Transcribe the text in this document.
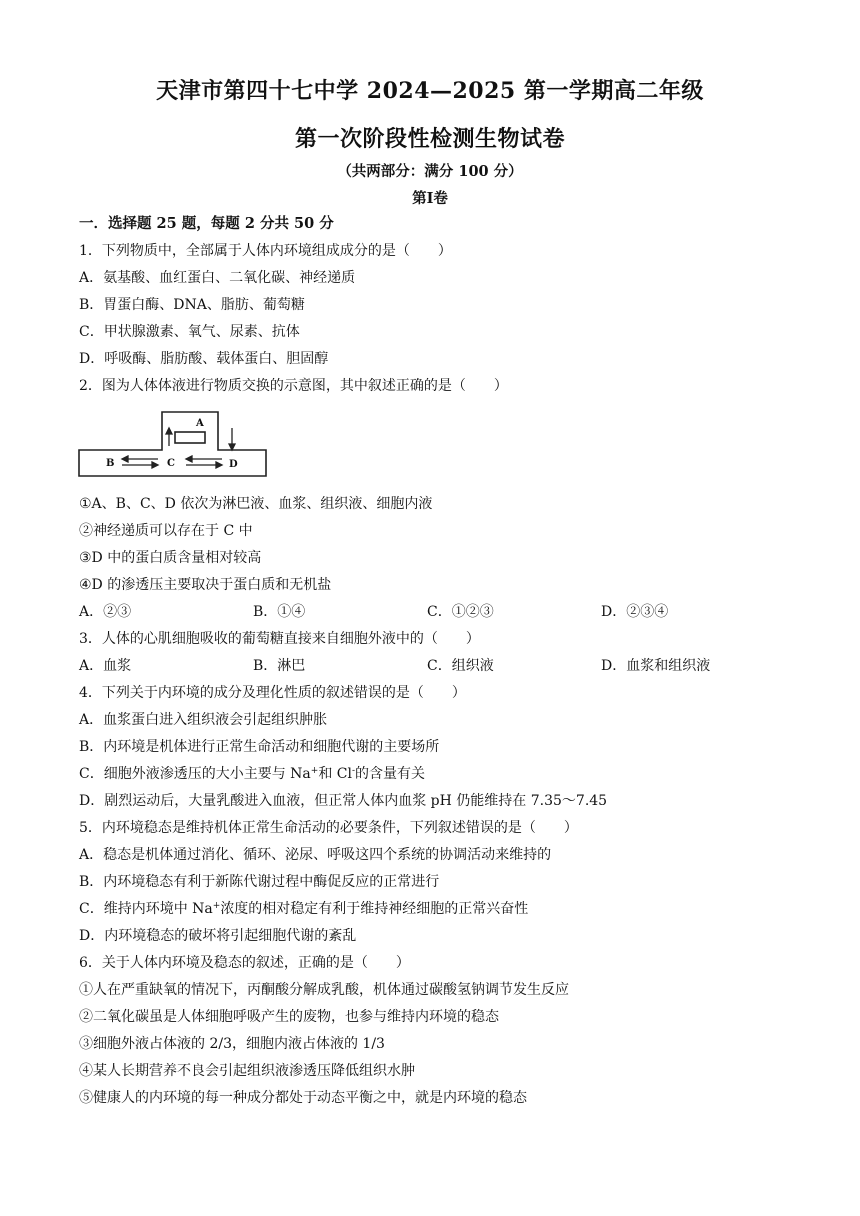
天津市第四十七中学 2024—2025 第一学期高二年级
第一次阶段性检测生物试卷
（共两部分：满分 100 分）
第Ⅰ卷
一．选择题 25 题，每题 2 分共 50 分
1．下列物质中，全部属于人体内环境组成成分的是（　　）
A．氨基酸、血红蛋白、二氧化碳、神经递质
B．胃蛋白酶、DNA、脂肪、葡萄糖
C．甲状腺激素、氧气、尿素、抗体
D．呼吸酶、脂肪酸、载体蛋白、胆固醇
2．图为人体体液进行物质交换的示意图，其中叙述正确的是（　　）
A
B	C	D
①A、B、C、D 依次为淋巴液、血浆、组织液、细胞内液
②神经递质可以存在于 C 中
③D 中的蛋白质含量相对较高
④D 的渗透压主要取决于蛋白质和无机盐
A．②③	B．①④	C．①②③	D．②③④
3．人体的心肌细胞吸收的葡萄糖直接来自细胞外液中的（　　）
A．血浆	B．淋巴	C．组织液	D．血浆和组织液
4．下列关于内环境的成分及理化性质的叙述错误的是（　　）
A．血浆蛋白进入组织液会引起组织肿胀
B．内环境是机体进行正常生命活动和细胞代谢的主要场所
C．细胞外液渗透压的大小主要与 Na+和 Cl-的含量有关
D．剧烈运动后，大量乳酸进入血液，但正常人体内血浆 pH 仍能维持在 7.35～7.45
5．内环境稳态是维持机体正常生命活动的必要条件，下列叙述错误的是（　　）
A．稳态是机体通过消化、循环、泌尿、呼吸这四个系统的协调活动来维持的
B．内环境稳态有利于新陈代谢过程中酶促反应的正常进行
C．维持内环境中 Na+浓度的相对稳定有利于维持神经细胞的正常兴奋性
D．内环境稳态的破坏将引起细胞代谢的紊乱
6．关于人体内环境及稳态的叙述，正确的是（　　）
①人在严重缺氧的情况下，丙酮酸分解成乳酸，机体通过碳酸氢钠调节发生反应
②二氧化碳虽是人体细胞呼吸产生的废物，也参与维持内环境的稳态
③细胞外液占体液的 2/3，细胞内液占体液的 1/3
④某人长期营养不良会引起组织液渗透压降低组织水肿
⑤健康人的内环境的每一种成分都处于动态平衡之中，就是内环境的稳态
